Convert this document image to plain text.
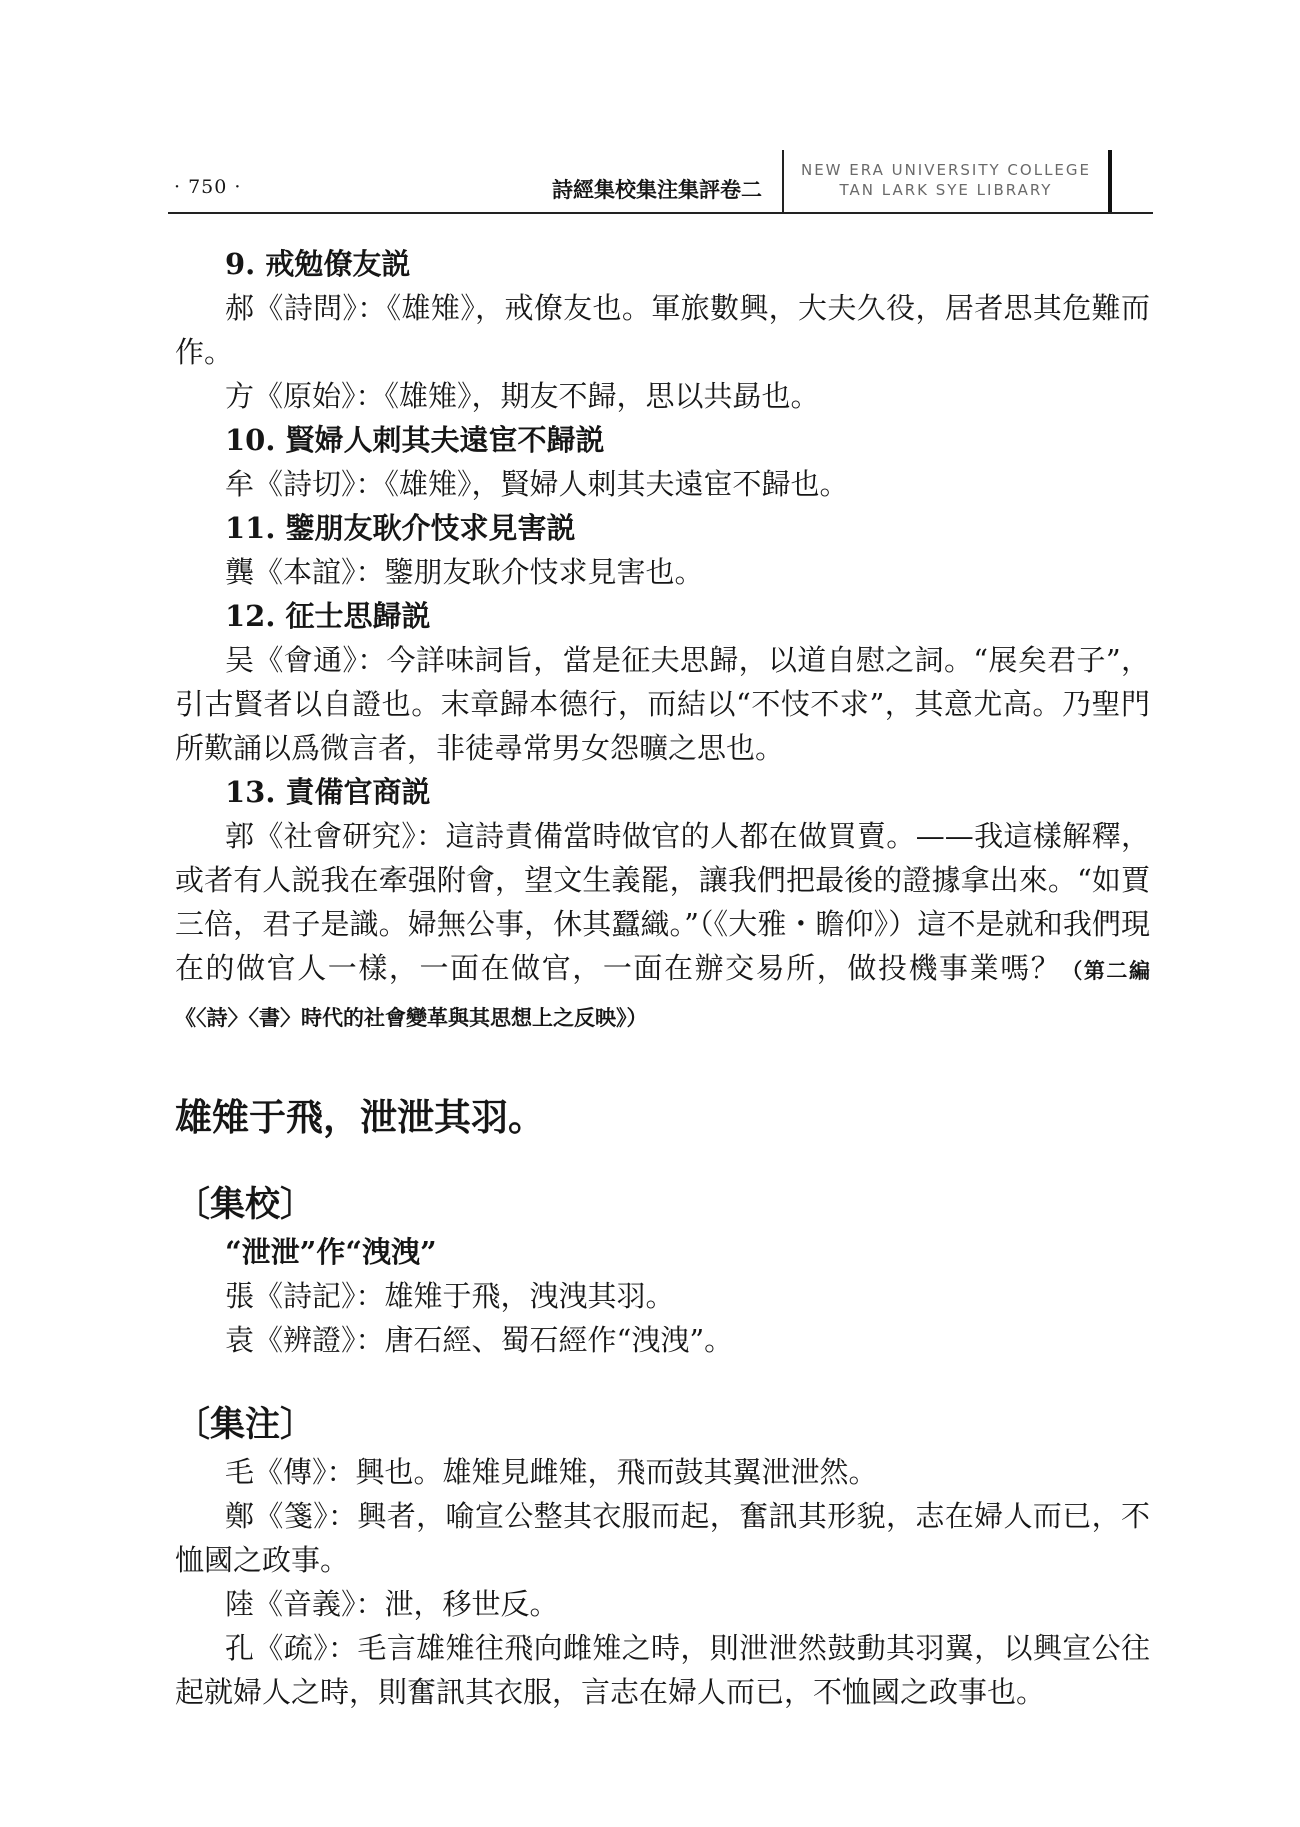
· 750 ·	詩經集校集注集評卷二
NEW ERA UNIVERSITY COLLEGE
TAN LARK SYE LIBRARY

9. 戒勉僚友説

郝《詩問》：《雄雉》，戒僚友也。軍旅數興，大夫久役，居者思其危難而作。

方《原始》：《雄雉》，期友不歸，思以共勗也。

10. 賢婦人刺其夫遠宦不歸説

牟《詩切》：《雄雉》，賢婦人刺其夫遠宦不歸也。

11. 鑒朋友耿介忮求見害説

龔《本誼》：鑒朋友耿介忮求見害也。

12. 征士思歸説

吴《會通》：今詳味詞旨，當是征夫思歸，以道自慰之詞。“展矣君子”，引古賢者以自證也。末章歸本德行，而結以“不忮不求”，其意尤高。乃聖門所歎誦以爲微言者，非徒尋常男女怨曠之思也。

13. 責備官商説

郭《社會研究》：這詩責備當時做官的人都在做買賣。——我這樣解釋，或者有人説我在牽强附會，望文生義罷，讓我們把最後的證據拿出來。“如賈三倍，君子是識。婦無公事，休其蠶織。”（《大雅・瞻仰》）這不是就和我們現在的做官人一樣，一面在做官，一面在辦交易所，做投機事業嗎？（第二編《〈詩〉〈書〉時代的社會變革與其思想上之反映》）

雄雉于飛，泄泄其羽。

〔集校〕

“泄泄”作“洩洩”

張《詩記》：雄雉于飛，洩洩其羽。

袁《辨證》：唐石經、蜀石經作“洩洩”。

〔集注〕

毛《傳》：興也。雄雉見雌雉，飛而鼓其翼泄泄然。

鄭《箋》：興者，喻宣公整其衣服而起，奮訊其形貌，志在婦人而已，不恤國之政事。

陸《音義》：泄，移世反。

孔《疏》：毛言雄雉往飛向雌雉之時，則泄泄然鼓動其羽翼，以興宣公往起就婦人之時，則奮訊其衣服，言志在婦人而已，不恤國之政事也。
